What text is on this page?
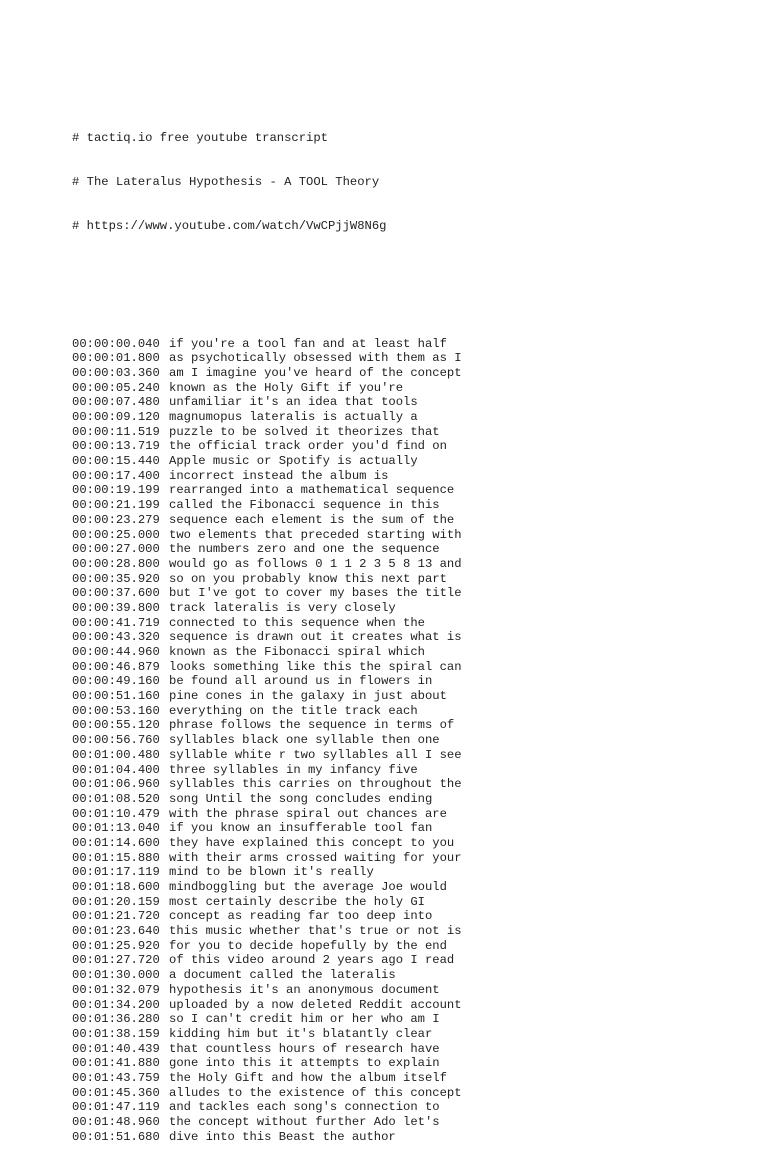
# tactiq.io free youtube transcript

# The Lateralus Hypothesis - A TOOL Theory

# https://www.youtube.com/watch/VwCPjjW8N6g

00:00:00.040 if you're a tool fan and at least half
00:00:01.800 as psychotically obsessed with them as I
00:00:03.360 am I imagine you've heard of the concept
00:00:05.240 known as the Holy Gift if you're
00:00:07.480 unfamiliar it's an idea that tools
00:00:09.120 magnumopus lateralis is actually a
00:00:11.519 puzzle to be solved it theorizes that
00:00:13.719 the official track order you'd find on
00:00:15.440 Apple music or Spotify is actually
00:00:17.400 incorrect instead the album is
00:00:19.199 rearranged into a mathematical sequence
00:00:21.199 called the Fibonacci sequence in this
00:00:23.279 sequence each element is the sum of the
00:00:25.000 two elements that preceded starting with
00:00:27.000 the numbers zero and one the sequence
00:00:28.800 would go as follows 0 1 1 2 3 5 8 13 and
00:00:35.920 so on you probably know this next part
00:00:37.600 but I've got to cover my bases the title
00:00:39.800 track lateralis is very closely
00:00:41.719 connected to this sequence when the
00:00:43.320 sequence is drawn out it creates what is
00:00:44.960 known as the Fibonacci spiral which
00:00:46.879 looks something like this the spiral can
00:00:49.160 be found all around us in flowers in
00:00:51.160 pine cones in the galaxy in just about
00:00:53.160 everything on the title track each
00:00:55.120 phrase follows the sequence in terms of
00:00:56.760 syllables black one syllable then one
00:01:00.480 syllable white r two syllables all I see
00:01:04.400 three syllables in my infancy five
00:01:06.960 syllables this carries on throughout the
00:01:08.520 song Until the song concludes ending
00:01:10.479 with the phrase spiral out chances are
00:01:13.040 if you know an insufferable tool fan
00:01:14.600 they have explained this concept to you
00:01:15.880 with their arms crossed waiting for your
00:01:17.119 mind to be blown it's really
00:01:18.600 mindboggling but the average Joe would
00:01:20.159 most certainly describe the holy GI
00:01:21.720 concept as reading far too deep into
00:01:23.640 this music whether that's true or not is
00:01:25.920 for you to decide hopefully by the end
00:01:27.720 of this video around 2 years ago I read
00:01:30.000 a document called the lateralis
00:01:32.079 hypothesis it's an anonymous document
00:01:34.200 uploaded by a now deleted Reddit account
00:01:36.280 so I can't credit him or her who am I
00:01:38.159 kidding him but it's blatantly clear
00:01:40.439 that countless hours of research have
00:01:41.880 gone into this it attempts to explain
00:01:43.759 the Holy Gift and how the album itself
00:01:45.360 alludes to the existence of this concept
00:01:47.119 and tackles each song's connection to
00:01:48.960 the concept without further Ado let's
00:01:51.680 dive into this Beast the author
